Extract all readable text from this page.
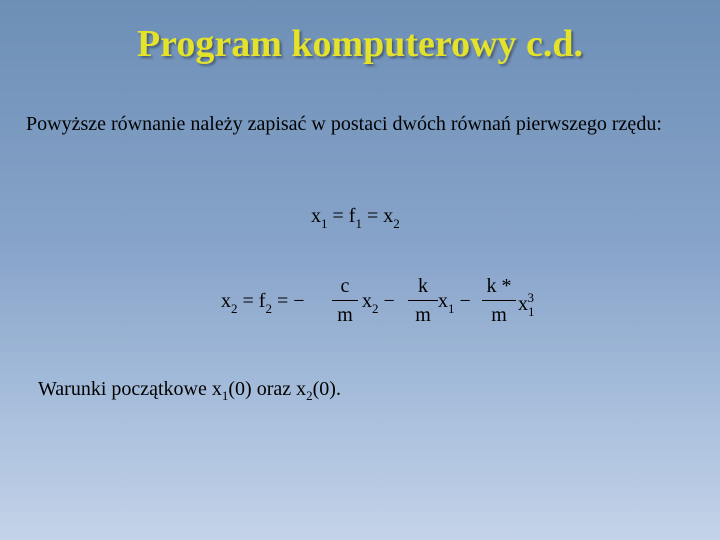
Program komputerowy c.d.
Powyższe równanie należy zapisać w postaci dwóch równań pierwszego rzędu:
$x_1 = f_1 = x_2$
$x_2 = f_2$ = −
c
m
$x_2$ −
k
m
$x_1$ −
k *
m $x_1^3$
Warunki początkowe $x_1(0)$ oraz $x_2(0)$.
